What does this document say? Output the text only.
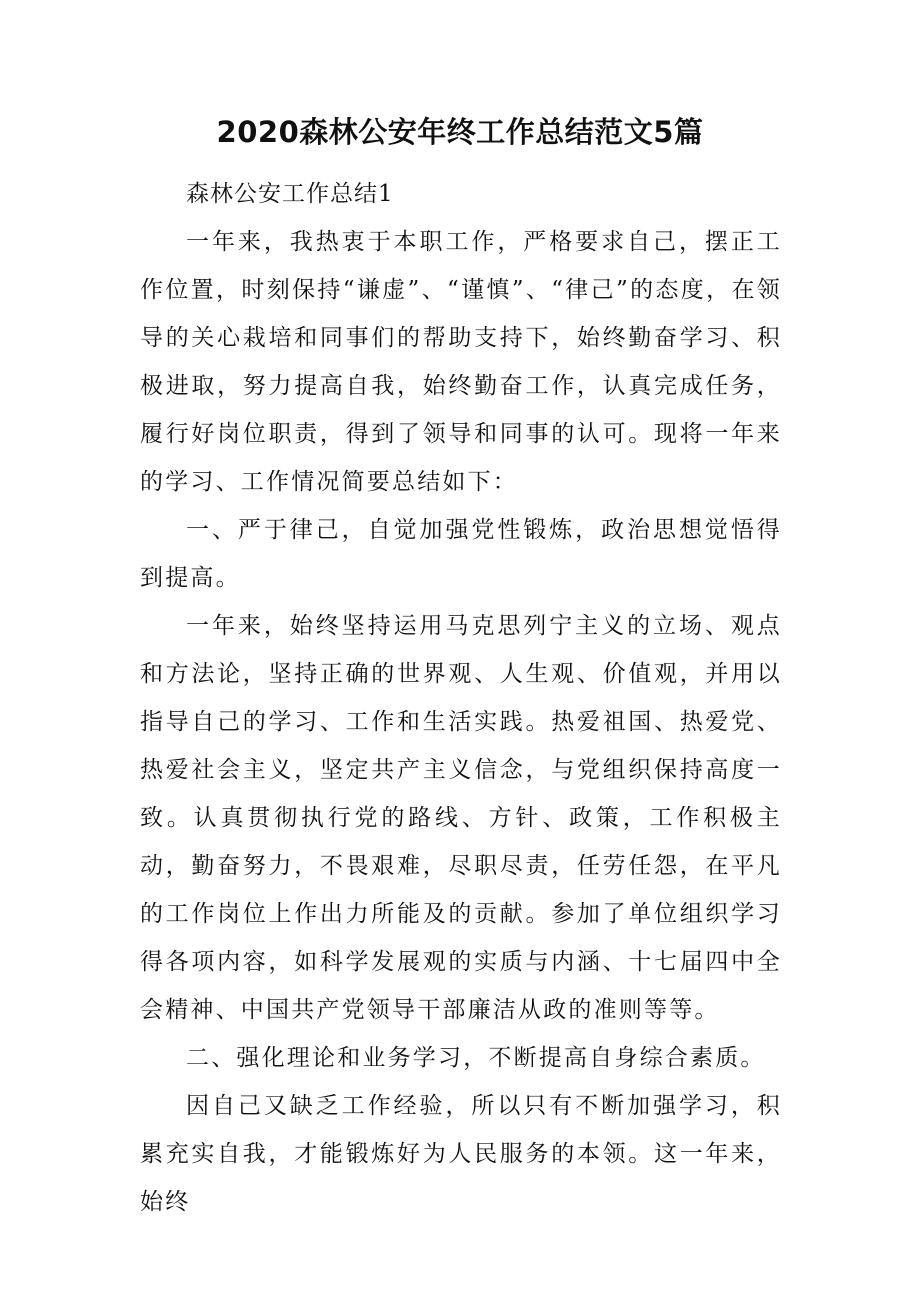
2020森林公安年终工作总结范文5篇

森林公安工作总结1

一年来，我热衷于本职工作，严格要求自己，摆正工作位置，时刻保持“谦虚”、“谨慎”、“律己”的态度，在领导的关心栽培和同事们的帮助支持下，始终勤奋学习、积极进取，努力提高自我，始终勤奋工作，认真完成任务，履行好岗位职责，得到了领导和同事的认可。现将一年来的学习、工作情况简要总结如下：

一、严于律己，自觉加强党性锻炼，政治思想觉悟得到提高。

一年来，始终坚持运用马克思列宁主义的立场、观点和方法论，坚持正确的世界观、人生观、价值观，并用以指导自己的学习、工作和生活实践。热爱祖国、热爱党、热爱社会主义，坚定共产主义信念，与党组织保持高度一致。认真贯彻执行党的路线、方针、政策，工作积极主动，勤奋努力，不畏艰难，尽职尽责，任劳任怨，在平凡的工作岗位上作出力所能及的贡献。参加了单位组织学习得各项内容，如科学发展观的实质与内涵、十七届四中全会精神、中国共产党领导干部廉洁从政的准则等等。

二、强化理论和业务学习，不断提高自身综合素质。

因自己又缺乏工作经验，所以只有不断加强学习，积累充实自我，才能锻炼好为人民服务的本领。这一年来，始终
